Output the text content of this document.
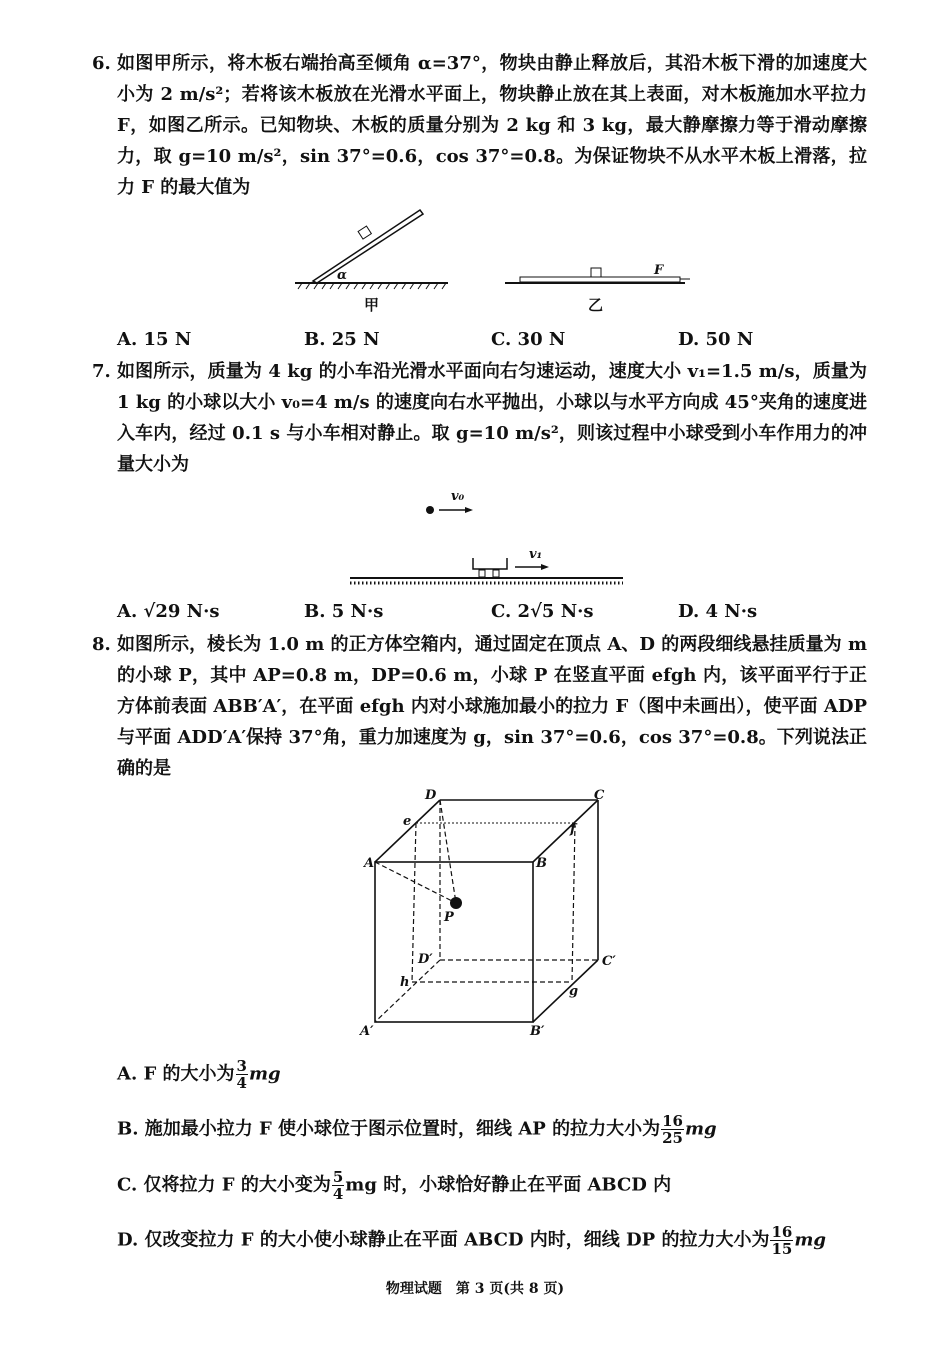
6. 如图甲所示，将木板右端抬高至倾角 α=37°，物块由静止释放后，其沿木板下滑的加速度大小为 2 m/s²；若将该木板放在光滑水平面上，物块静止放在其上表面，对木板施加水平拉力 F，如图乙所示。已知物块、木板的质量分别为 2 kg 和 3 kg，最大静摩擦力等于滑动摩擦力，取 g=10 m/s²，sin 37°=0.6，cos 37°=0.8。为保证物块不从水平木板上滑落，拉力 F 的最大值为
α
甲
F
乙
A. 15 N	B. 25 N	C. 30 N	D. 50 N
7. 如图所示，质量为 4 kg 的小车沿光滑水平面向右匀速运动，速度大小 v₁=1.5 m/s，质量为 1 kg 的小球以大小 v₀=4 m/s 的速度向右水平抛出，小球以与水平方向成 45°夹角的速度进入车内，经过 0.1 s 与小车相对静止。取 g=10 m/s²，则该过程中小球受到小车作用力的冲量大小为
v₀
v₁
A. √29 N·s	B. 5 N·s	C. 2√5 N·s	D. 4 N·s
8. 如图所示，棱长为 1.0 m 的正方体空箱内，通过固定在顶点 A、D 的两段细线悬挂质量为 m 的小球 P，其中 AP=0.8 m，DP=0.6 m，小球 P 在竖直平面 efgh 内，该平面平行于正方体前表面 ABB′A′，在平面 efgh 内对小球施加最小的拉力 F（图中未画出），使平面 ADP 与平面 ADD′A′保持 37°角，重力加速度为 g，sin 37°=0.6，cos 37°=0.8。下列说法正确的是
D	C
e
f
A	B
P
D′	C′
h
g
A′	B′
A. F 的大小为 $\frac{3}{4}$ mg
B. 施加最小拉力 F 使小球位于图示位置时，细线 AP 的拉力大小为 $\frac{16}{25}$ mg
C. 仅将拉力 F 的大小变为 $\frac{5}{4}$ mg 时，小球恰好静止在平面 ABCD 内
D. 仅改变拉力 F 的大小使小球静止在平面 ABCD 内时，细线 DP 的拉力大小为 $\frac{16}{15}$ mg
物理试题　第 3 页(共 8 页)
